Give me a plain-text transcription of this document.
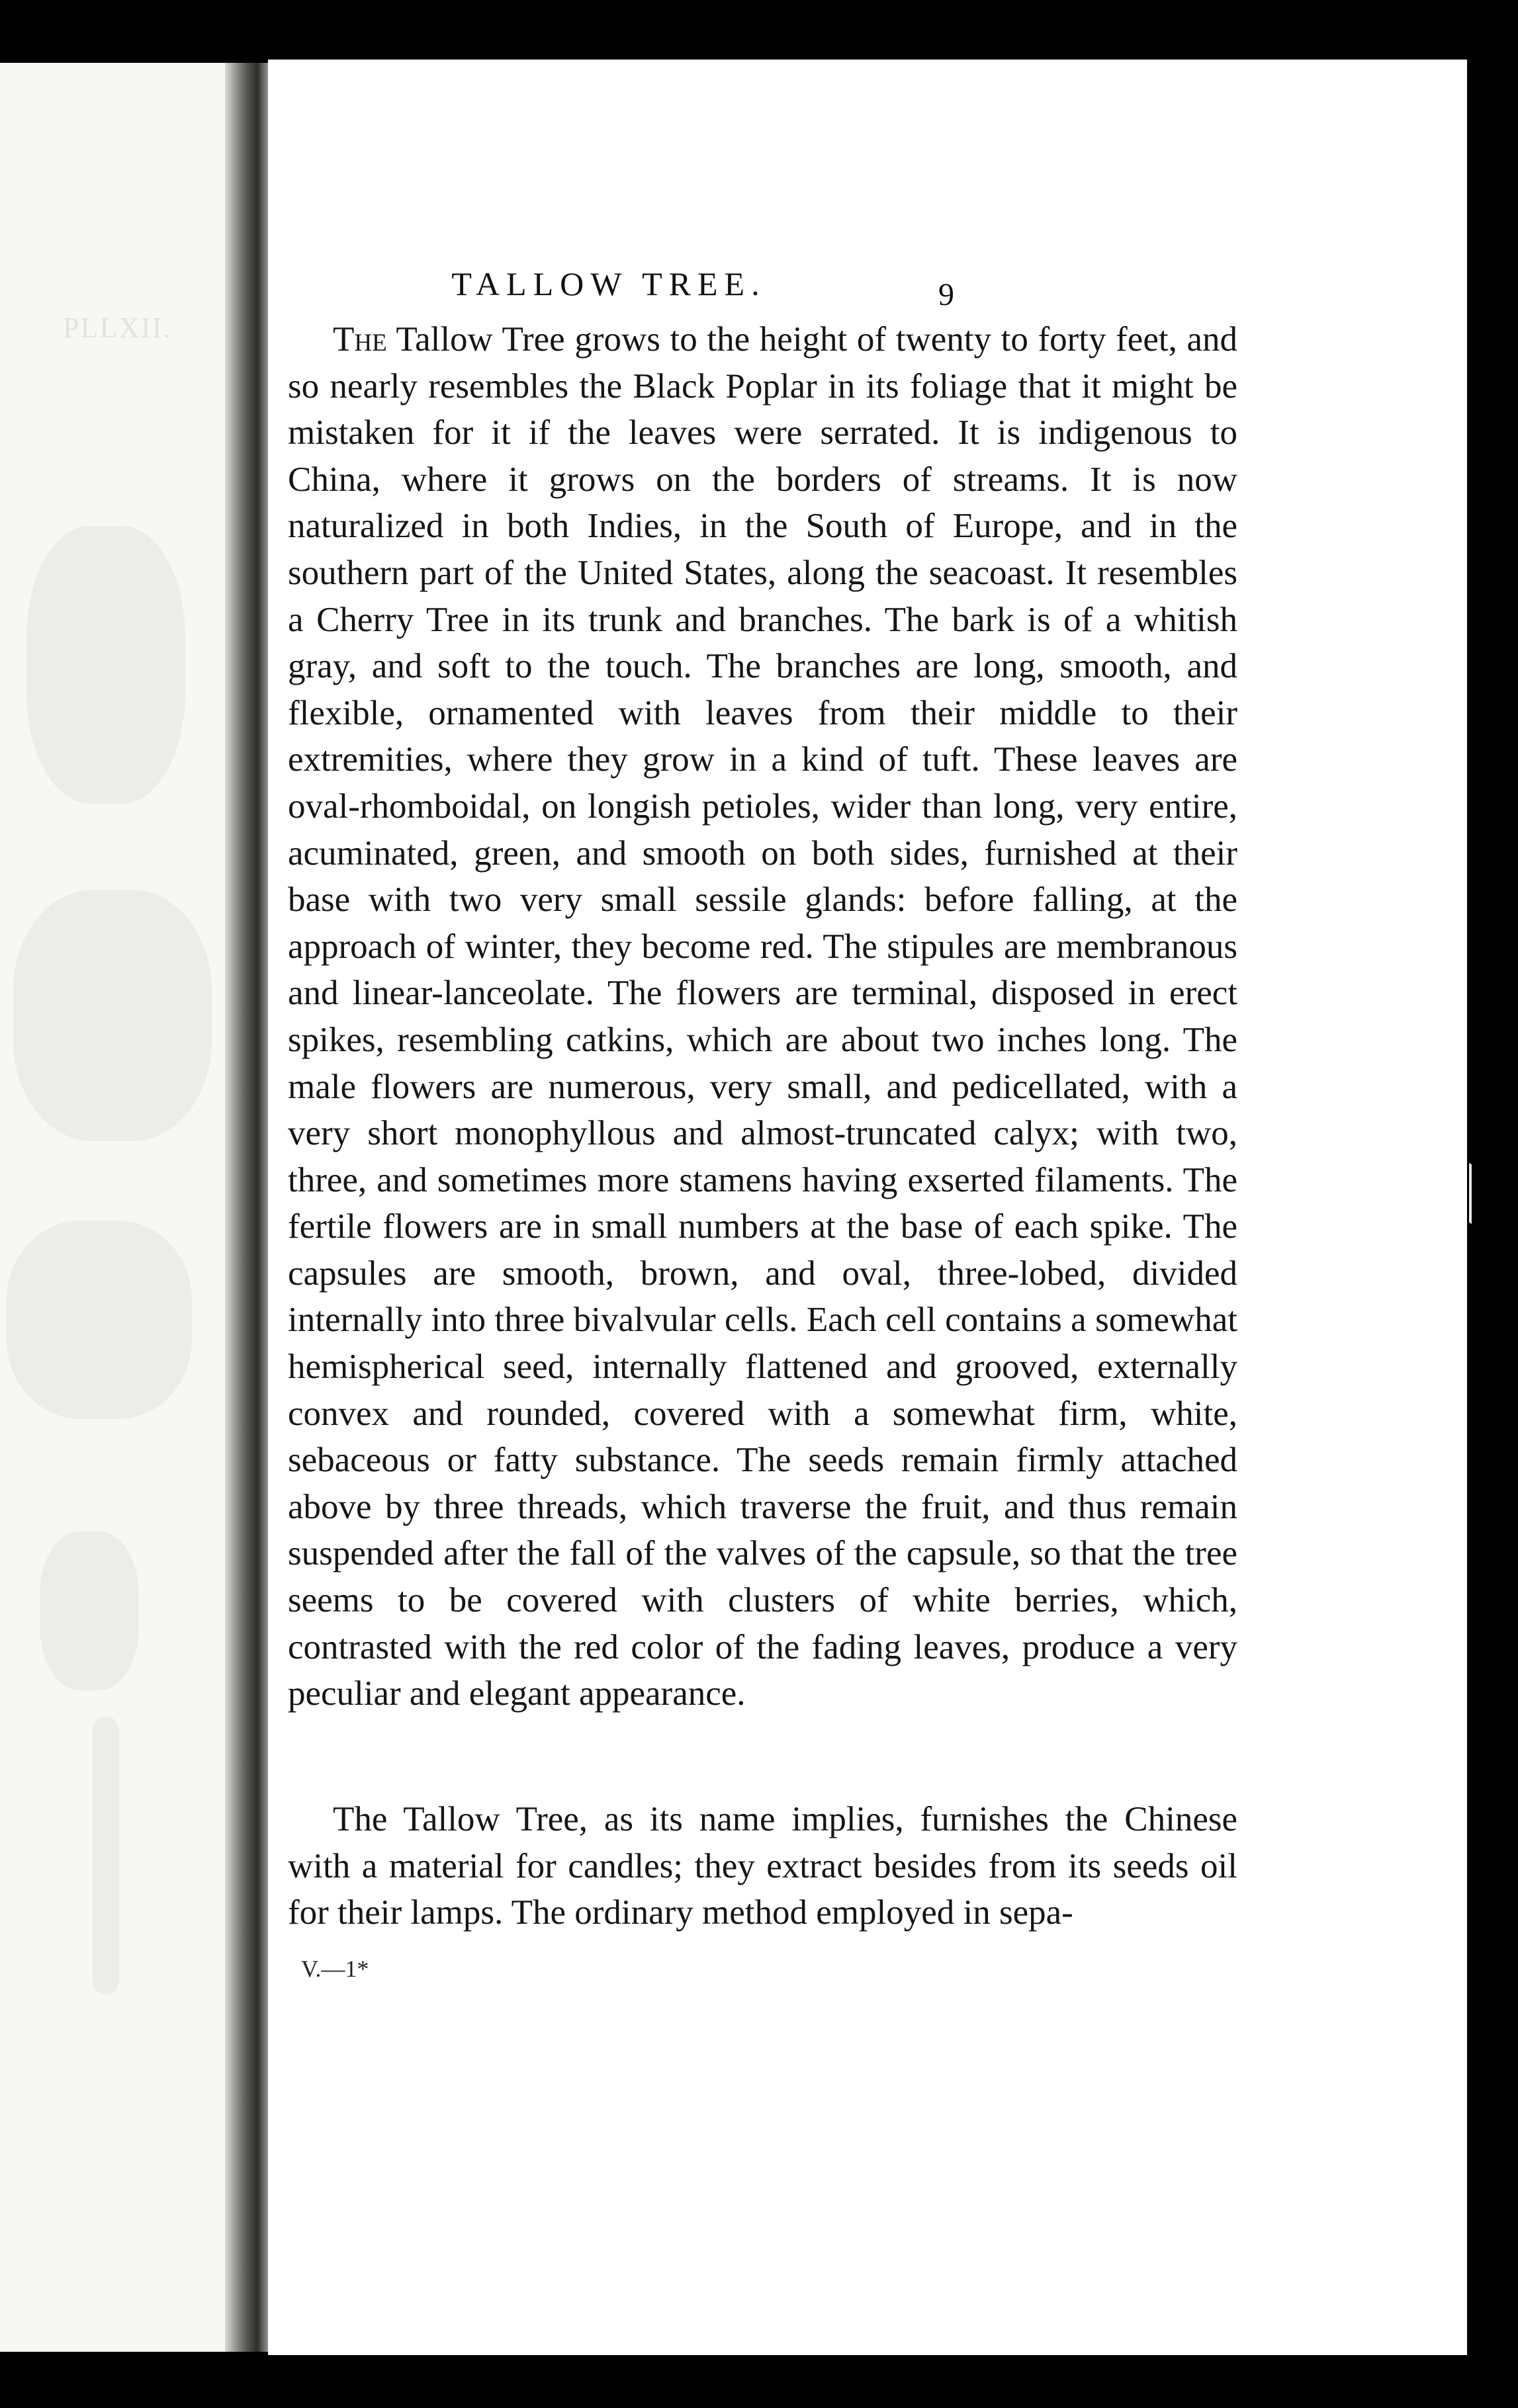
PLLXII.
TALLOW TREE.	9

The Tallow Tree grows to the height of twenty to forty feet, and so nearly resembles the Black Poplar in its foliage that it might be mistaken for it if the leaves were serrated. It is indigenous to China, where it grows on the borders of streams. It is now naturalized in both Indies, in the South of Europe, and in the southern part of the United States, along the seacoast. It resembles a Cherry Tree in its trunk and branches. The bark is of a whitish gray, and soft to the touch. The branches are long, smooth, and flexible, ornamented with leaves from their middle to their extremities, where they grow in a kind of tuft. These leaves are oval-rhomboidal, on longish petioles, wider than long, very entire, acuminated, green, and smooth on both sides, furnished at their base with two very small sessile glands: before falling, at the approach of winter, they become red. The stipules are membranous and linear-lanceolate. The flowers are terminal, disposed in erect spikes, resembling catkins, which are about two inches long. The male flowers are numerous, very small, and pedicellated, with a very short monophyllous and almost-truncated calyx; with two, three, and sometimes more stamens having exserted filaments. The fertile flowers are in small numbers at the base of each spike. The capsules are smooth, brown, and oval, three-lobed, divided internally into three bivalvular cells. Each cell contains a somewhat hemispherical seed, internally flattened and grooved, externally convex and rounded, covered with a somewhat firm, white, sebaceous or fatty substance. The seeds remain firmly attached above by three threads, which traverse the fruit, and thus remain suspended after the fall of the valves of the capsule, so that the tree seems to be covered with clusters of white berries, which, contrasted with the red color of the fading leaves, produce a very peculiar and elegant appearance.

The Tallow Tree, as its name implies, furnishes the Chinese with a material for candles; they extract besides from its seeds oil for their lamps. The ordinary method employed in sepa-

V.—1*
